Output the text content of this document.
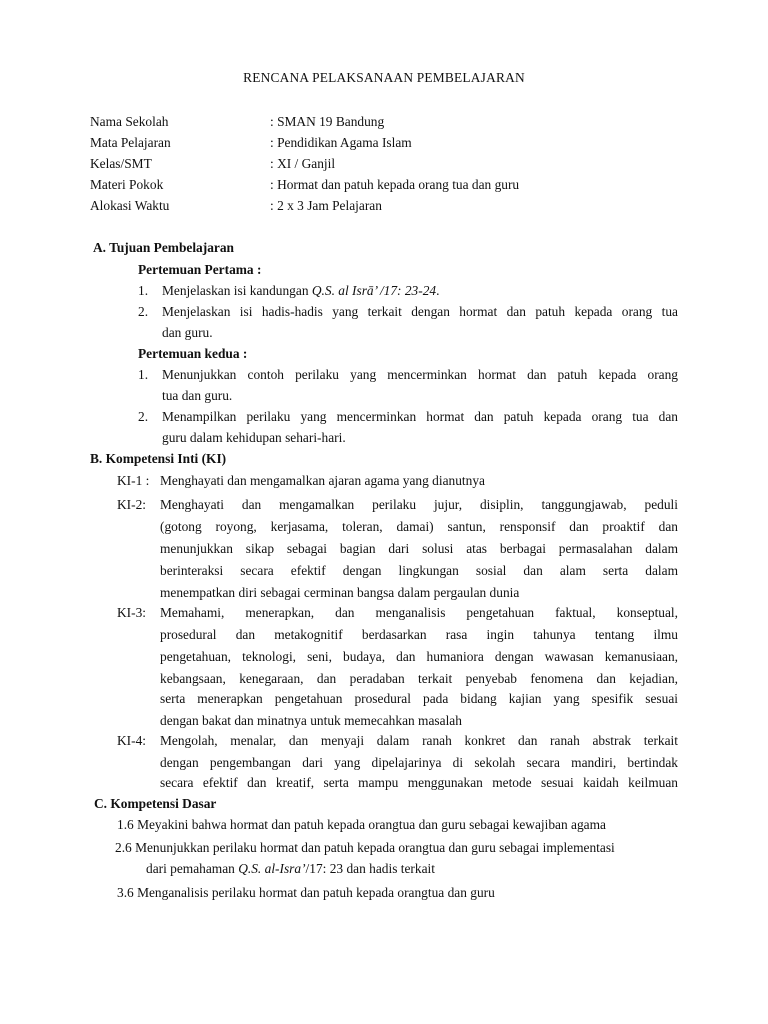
RENCANA PELAKSANAAN PEMBELAJARAN
Nama Sekolah	: SMAN 19 Bandung
Mata Pelajaran	: Pendidikan Agama Islam
Kelas/SMT	: XI / Ganjil
Materi Pokok	: Hormat dan patuh kepada orang tua dan guru
Alokasi Waktu	: 2 x 3 Jam Pelajaran
A. Tujuan Pembelajaran
Pertemuan Pertama :
1. Menjelaskan isi kandungan Q.S. al Isrā’ /17: 23-24.
2. Menjelaskan isi hadis-hadis yang terkait dengan hormat dan patuh kepada orang tua
dan guru.
Pertemuan kedua :
1. Menunjukkan contoh perilaku yang mencerminkan hormat dan patuh kepada orang
tua dan guru.
2. Menampilkan perilaku yang mencerminkan hormat dan patuh kepada orang tua dan
guru dalam kehidupan sehari-hari.
B. Kompetensi Inti (KI)
KI-1 : Menghayati dan mengamalkan ajaran agama yang dianutnya
KI-2: Menghayati dan mengamalkan perilaku jujur, disiplin, tanggungjawab, peduli
(gotong royong, kerjasama, toleran, damai) santun, rensponsif dan proaktif dan
menunjukkan sikap sebagai bagian dari solusi atas berbagai permasalahan dalam
berinteraksi secara efektif dengan lingkungan sosial dan alam serta dalam
menempatkan diri sebagai cerminan bangsa dalam pergaulan dunia
KI-3: Memahami, menerapkan, dan menganalisis pengetahuan faktual, konseptual,
prosedural dan metakognitif berdasarkan rasa ingin tahunya tentang ilmu
pengetahuan, teknologi, seni, budaya, dan humaniora dengan wawasan kemanusiaan,
kebangsaan, kenegaraan, dan peradaban terkait penyebab fenomena dan kejadian,
serta menerapkan pengetahuan prosedural pada bidang kajian yang spesifik sesuai
dengan bakat dan minatnya untuk memecahkan masalah
KI-4: Mengolah, menalar, dan menyaji dalam ranah konkret dan ranah abstrak terkait
dengan pengembangan dari yang dipelajarinya di sekolah secara mandiri, bertindak
secara efektif dan kreatif, serta mampu menggunakan metode sesuai kaidah keilmuan
C. Kompetensi Dasar
1.6 Meyakini bahwa hormat dan patuh kepada orangtua dan guru sebagai kewajiban agama
2.6 Menunjukkan perilaku hormat dan patuh kepada orangtua dan guru sebagai implementasi
dari pemahaman Q.S. al-Isra’/17: 23 dan hadis terkait
3.6 Menganalisis perilaku hormat dan patuh kepada orangtua dan guru
